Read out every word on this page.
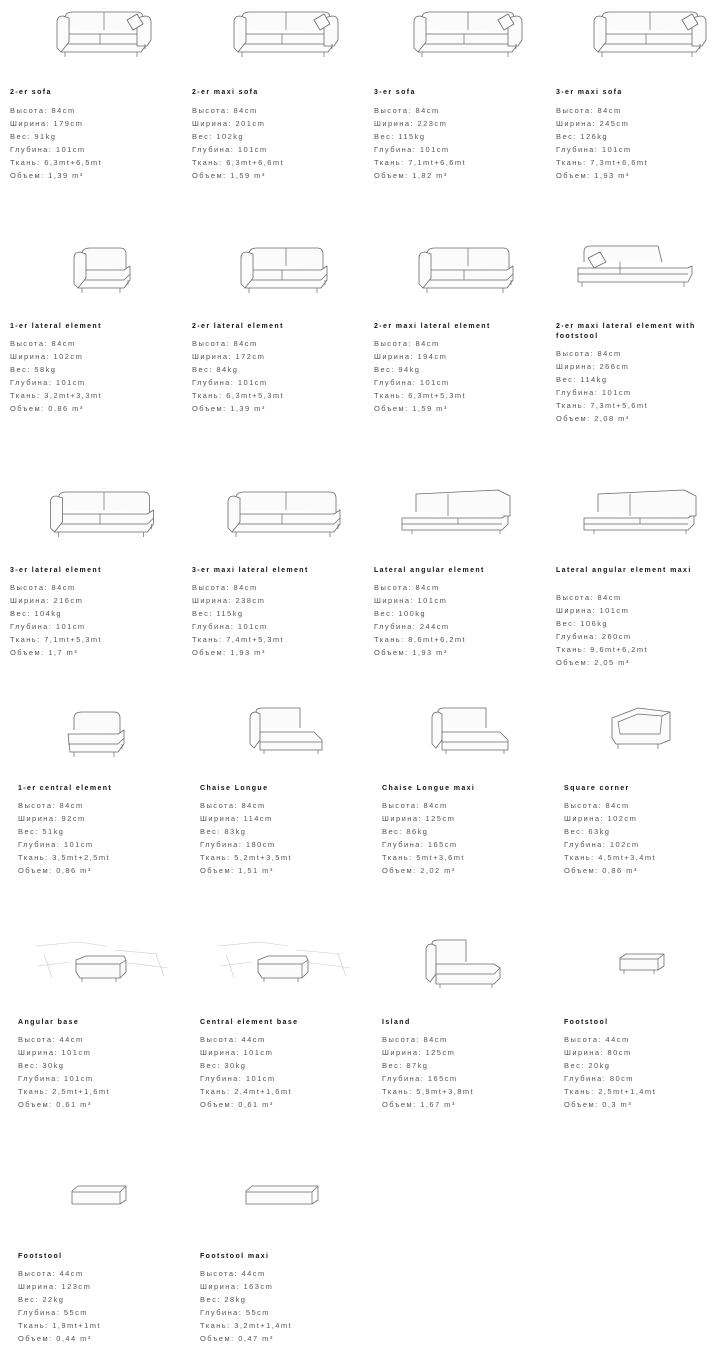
2-er sofa
Высота: 84cm
Ширина: 179cm
Вес: 91kg
Глубина: 101cm
Ткань: 6,3mt+6,5mt
Объем: 1,39 m³
2-er maxi sofa
Высота: 84cm
Ширина: 201cm
Вес: 102kg
Глубина: 101cm
Ткань: 6,3mt+6,6mt
Объем: 1,59 m³
3-er sofa
Высота: 84cm
Ширина: 223cm
Вес: 115kg
Глубина: 101cm
Ткань: 7,1mt+6,6mt
Объем: 1,82 m³
3-er maxi sofa
Высота: 84cm
Ширина: 245cm
Вес: 126kg
Глубина: 101cm
Ткань: 7,3mt+6,6mt
Объем: 1,93 m³
1-er lateral element
Высота: 84cm
Ширина: 102cm
Вес: 58kg
Глубина: 101cm
Ткань: 3,2mt+3,3mt
Объем: 0,86 m³
2-er lateral element
Высота: 84cm
Ширина: 172cm
Вес: 84kg
Глубина: 101cm
Ткань: 6,3mt+5,3mt
Объем: 1,39 m³
2-er maxi lateral element
Высота: 84cm
Ширина: 194cm
Вес: 94kg
Глубина: 101cm
Ткань: 6,3mt+5,3mt
Объем: 1,59 m³
2-er maxi lateral element with footstool
Высота: 84cm
Ширина: 266cm
Вес: 114kg
Глубина: 101cm
Ткань: 7,3mt+5,6mt
Объем: 2,08 m³
3-er lateral element
Высота: 84cm
Ширина: 216cm
Вес: 104kg
Глубина: 101cm
Ткань: 7,1mt+5,3mt
Объем: 1,7 m³
3-er maxi lateral element
Высота: 84cm
Ширина: 238cm
Вес: 115kg
Глубина: 101cm
Ткань: 7,4mt+5,3mt
Объем: 1,93 m³
Lateral angular element
Высота: 84cm
Ширина: 101cm
Вес: 100kg
Глубина: 244cm
Ткань: 8,6mt+6,2mt
Объем: 1,93 m³
Lateral angular element maxi
Высота: 84cm
Ширина: 101cm
Вес: 106kg
Глубина: 260cm
Ткань: 9,6mt+6,2mt
Объем: 2,05 m³
1-er central element
Высота: 84cm
Ширина: 92cm
Вес: 51kg
Глубина: 101cm
Ткань: 3,5mt+2,5mt
Объем: 0,86 m³
Chaise Longue
Высота: 84cm
Ширина: 114cm
Вес: 83kg
Глубина: 180cm
Ткань: 5,2mt+3,5mt
Объем: 1,51 m³
Chaise Longue maxi
Высота: 84cm
Ширина: 125cm
Вес: 86kg
Глубина: 165cm
Ткань: 5mt+3,6mt
Объем: 2,02 m³
Square corner
Высота: 84cm
Ширина: 102cm
Вес: 63kg
Глубина: 102cm
Ткань: 4,5mt+3,4mt
Объем: 0,86 m³
Angular base
Высота: 44cm
Ширина: 101cm
Вес: 30kg
Глубина: 101cm
Ткань: 2,5mt+1,6mt
Объем: 0,61 m³
Central element base
Высота: 44cm
Ширина: 101cm
Вес: 30kg
Глубина: 101cm
Ткань: 2,4mt+1,6mt
Объем: 0,61 m³
Island
Высота: 84cm
Ширина: 125cm
Вес: 87kg
Глубина: 165cm
Ткань: 5,9mt+3,8mt
Объем: 1,67 m³
Footstool
Высота: 44cm
Ширина: 80cm
Вес: 20kg
Глубина: 80cm
Ткань: 2,5mt+1,4mt
Объем: 0,3 m³
Footstool
Высота: 44cm
Ширина: 123cm
Вес: 22kg
Глубина: 55cm
Ткань: 1,9mt+1mt
Объем: 0,44 m³
Footstool maxi
Высота: 44cm
Ширина: 163cm
Вес: 28kg
Глубина: 55cm
Ткань: 3,2mt+1,4mt
Объем: 0,47 m³
